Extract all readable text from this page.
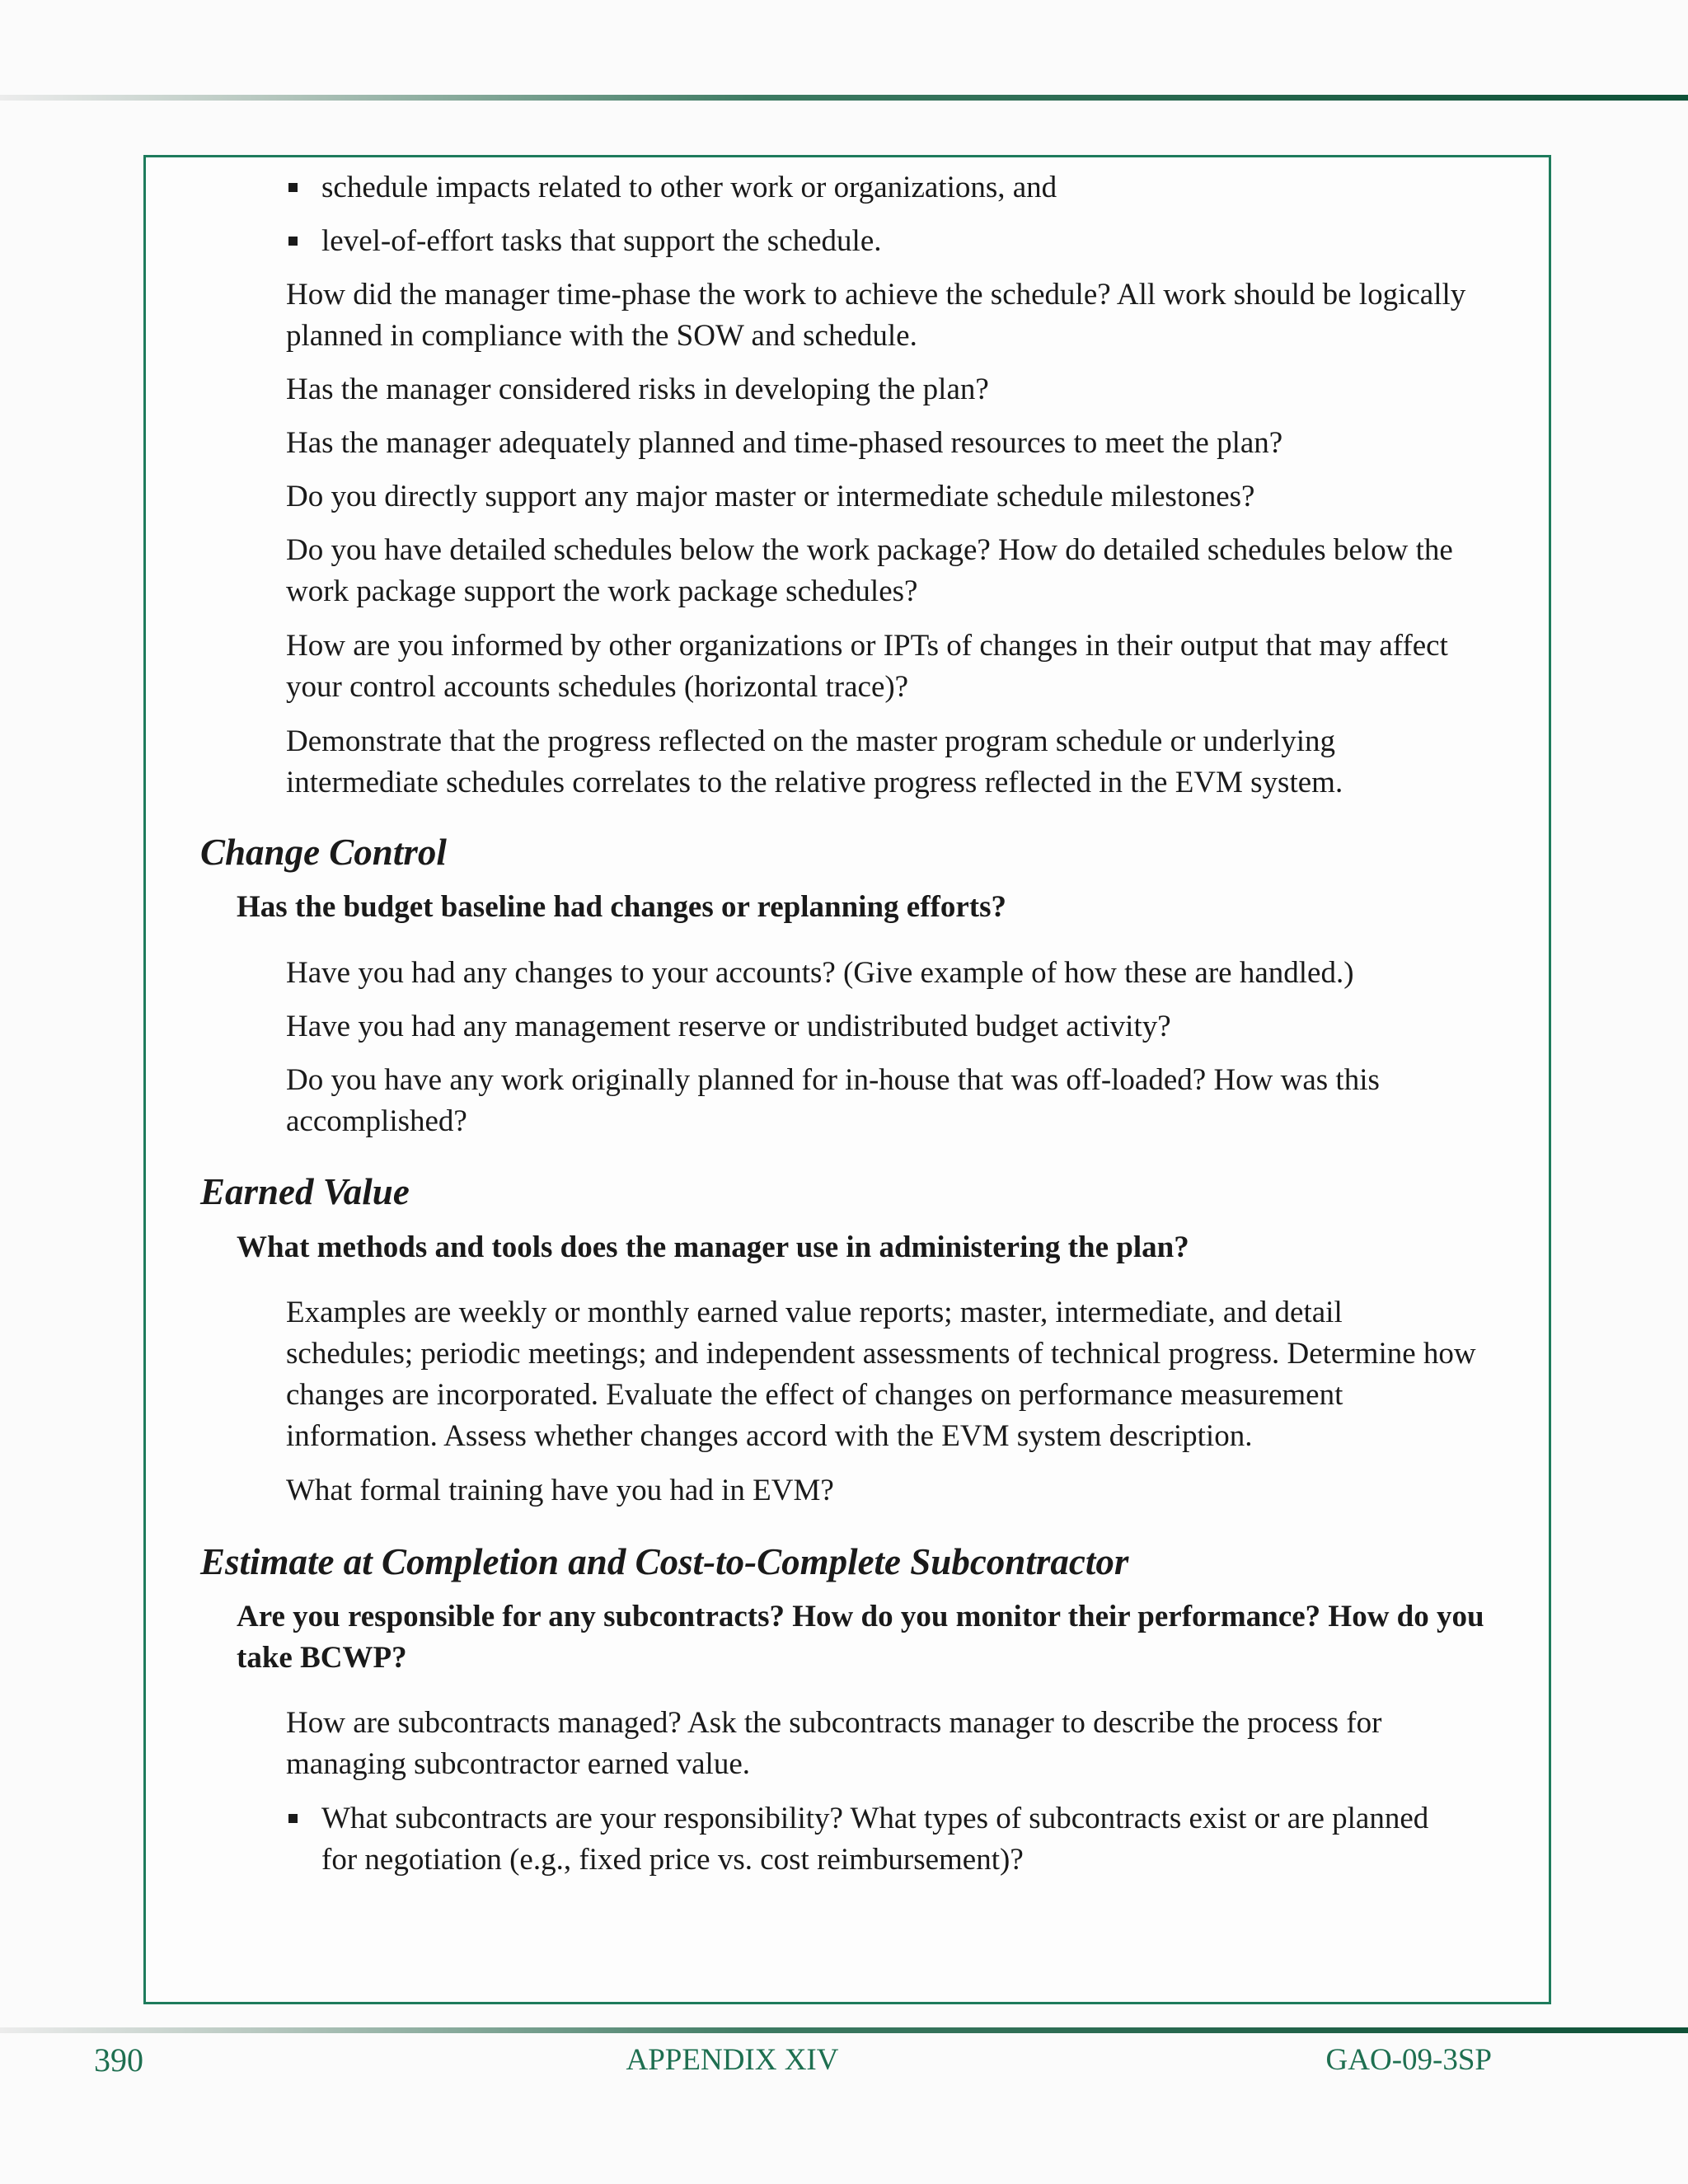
schedule impacts related to other work or organizations, and
level-of-effort tasks that support the schedule.

How did the manager time-phase the work to achieve the schedule? All work should be logically planned in compliance with the SOW and schedule.

Has the manager considered risks in developing the plan?

Has the manager adequately planned and time-phased resources to meet the plan?

Do you directly support any major master or intermediate schedule milestones?

Do you have detailed schedules below the work package? How do detailed schedules below the work package support the work package schedules?

How are you informed by other organizations or IPTs of changes in their output that may affect your control accounts schedules (horizontal trace)?

Demonstrate that the progress reflected on the master program schedule or underlying intermediate schedules correlates to the relative progress reflected in the EVM system.

Change Control
Has the budget baseline had changes or replanning efforts?

Have you had any changes to your accounts? (Give example of how these are handled.)

Have you had any management reserve or undistributed budget activity?

Do you have any work originally planned for in-house that was off-loaded? How was this accomplished?

Earned Value
What methods and tools does the manager use in administering the plan?

Examples are weekly or monthly earned value reports; master, intermediate, and detail schedules; periodic meetings; and independent assessments of technical progress. Determine how changes are incorporated. Evaluate the effect of changes on performance measurement information. Assess whether changes accord with the EVM system description.

What formal training have you had in EVM?

Estimate at Completion and Cost-to-Complete Subcontractor
Are you responsible for any subcontracts? How do you monitor their performance? How do you take BCWP?

How are subcontracts managed? Ask the subcontracts manager to describe the process for managing subcontractor earned value.

What subcontracts are your responsibility? What types of subcontracts exist or are planned for negotiation (e.g., fixed price vs. cost reimbursement)?
390	APPENDIX XIV	GAO-09-3SP
